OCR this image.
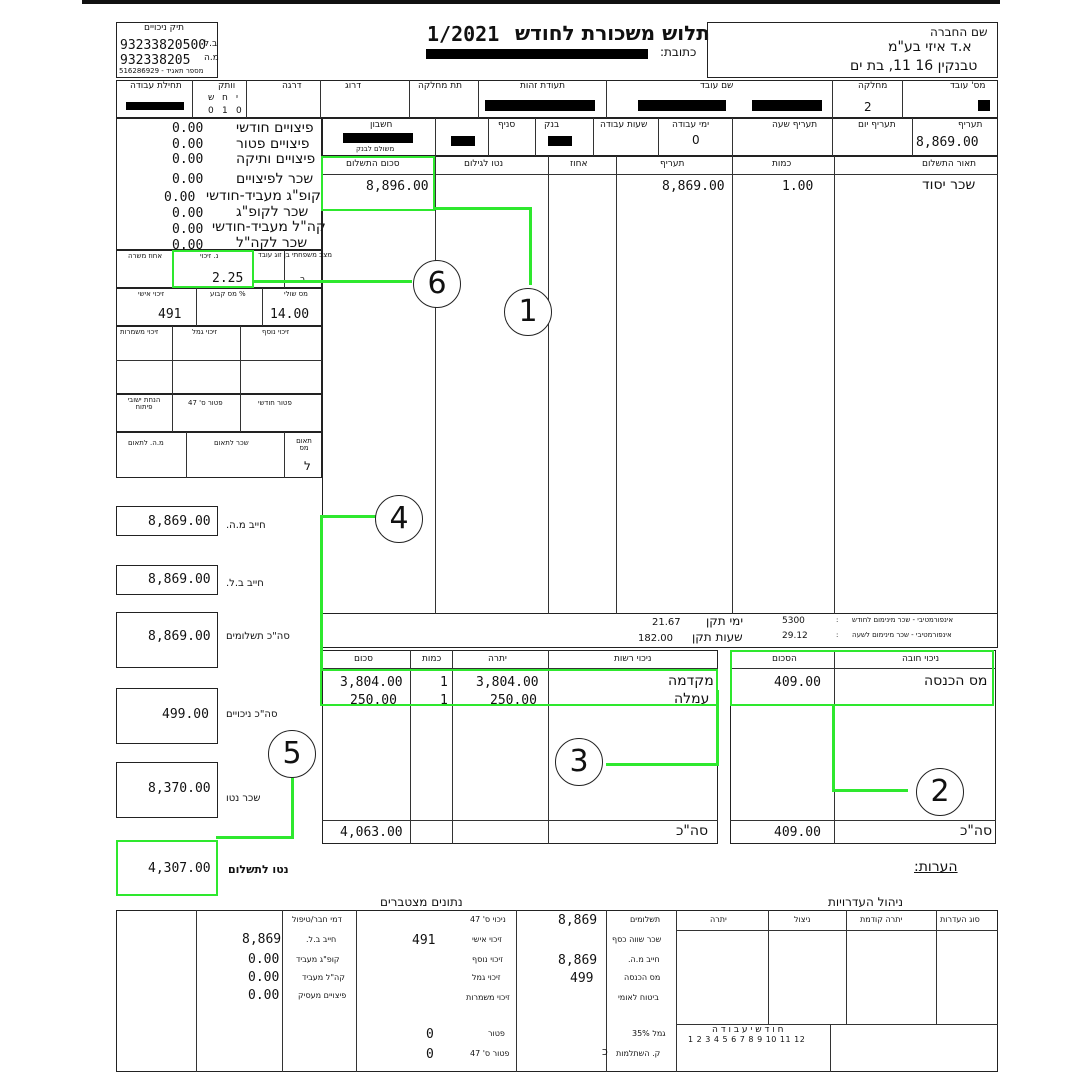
תיק ניכויים
93233820500
ב.ל
932338205 מ.ה
516286929 - מספר תאגיד
1/2021 תלוש משכורת לחודש
כתובת:
שם החברה
א.ד איזי בע"מ
טבנקין 16 11, בת ים
מס' עובד
מחלקה
שם עובד
תעודת זהות
תת מחלקה
דרוג
דרגה
וותק
תחילת עבודה
י
ח
ש
0
1
0	2
תעריף
תעריף יום
תעריף שעה
ימי עבודה
שעות עבודה
בנק
סניף
חשבון
8,869.00
0
משולם לבנק
0.00 פיצויים חודשי
0.00 פיצויים פטור
0.00 פיצויים ותיקה
0.00 שכר לפיצויים
0.00 קופ"ג מעביד-חודשי
0.00 שכר לקופ"ג
0.00 קה"ל מעביד-חודשי
0.00 שכר לקה"ל
מצב משפחתי
בן זוג עובד
נ. זיכוי
2.25
אחוז משרה
מס שולי
14.00
% מס קבוע
זיכוי אישי
491
זיכוי נוסף
זיכוי גמל
זיכוי משמרות
פטור חודשי
פטור ס' 47
הנחת ישובי פיתוח
תאום מס
ל
שכר לתאום
מ.ה. לתאום
8,869.00 חייב מ.ה.
8,869.00 חייב ב.ל.
8,869.00 סה"כ תשלומים
499.00 סה"כ ניכויים
8,370.00
שכר נטו
4,307.00 נטו לתשלום
תאור התשלום
כמות
תעריף
אחוז
נטו לגילום
סכום התשלום
שכר יסוד
1.00
8,869.00
8,896.00
אינפורמטיבי - שכר מינימום לחודש
:
5300
אינפורמטיבי - שכר מינימום לשעה
:
29.12
ימי תקן
21.67
שעות תקן
182.00
ניכוי חובה
הסכום
מס הכנסה
409.00
סה"כ
409.00
ניכוי רשות
יתרה
כמות
סכום
מקדמה
3,804.00
1
3,804.00
עמלה
250.00
1
250.00
סה"כ
4,063.00
הערות:
ניהול העדרויות
נתונים מצטברים
סוג העדרות
יתרה קודמת
ניצול
יתרה
ח ו ד ש י ע ב ו ד ה
1 2 3 4 5 6 7 8 9 10 11 12
תשלומים
8,869
שכר שווה כסף
חייב מ.ה.
8,869
מס הכנסה
499
ביטוח לאומי
גמל 35%
ק. השתלמות
כ
ניכוי ס' 47
זיכוי אישי
491
זיכוי נוסף
זיכוי גמל
זיכוי משמרות
פטור
0
פטור ס' 47
0
דמי חבר/טיפול
חייב ב.ל.
8,869
קופ"ג מעביד
0.00
קה"ל מעביד
0.00
פיצויים מעסיק
0.00
1
2
3
4
5
6
